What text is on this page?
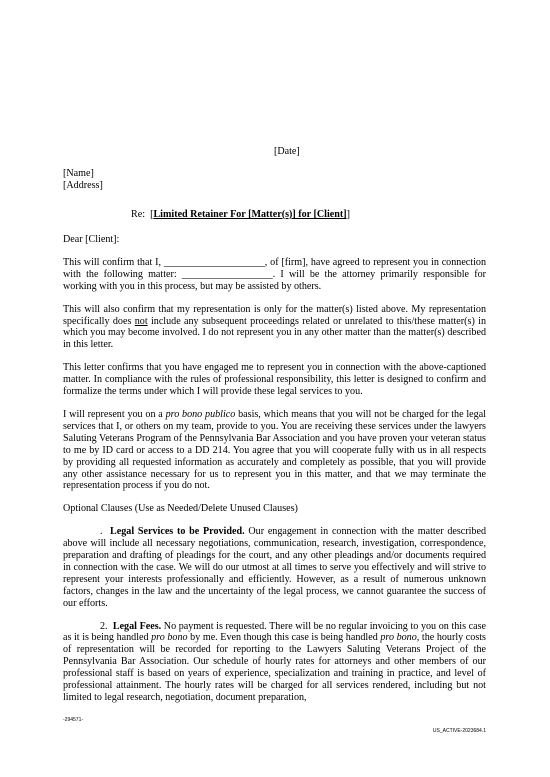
[Date]
[Name]
[Address]
Re: [Limited Retainer For [Matter(s)] for [Client]]

Dear [Client]:

This will confirm that I, ____________________, of [firm], have agreed to represent you in connection with the following matter: __________________. I will be the attorney primarily responsible for working with you in this process, but may be assisted by others.

This will also confirm that my representation is only for the matter(s) listed above. My representation specifically does not include any subsequent proceedings related or unrelated to this/these matter(s) in which you may become involved. I do not represent you in any other matter than the matter(s) described in this letter.

This letter confirms that you have engaged me to represent you in connection with the above-captioned matter. In compliance with the rules of professional responsibility, this letter is designed to confirm and formalize the terms under which I will provide these legal services to you.

I will represent you on a pro bono publico basis, which means that you will not be charged for the legal services that I, or others on my team, provide to you. You are receiving these services under the lawyers Saluting Veterans Program of the Pennsylvania Bar Association and you have proven your veteran status to me by ID card or access to a DD 214. You agree that you will cooperate fully with us in all respects by providing all requested information as accurately and completely as possible, that you will provide any other assistance necessary for us to represent you in this matter, and that we may terminate the representation process if you do not.

Optional Clauses (Use as Needed/Delete Unused Clauses)

. Legal Services to be Provided. Our engagement in connection with the matter described above will include all necessary negotiations, communication, research, investigation, correspondence, preparation and drafting of pleadings for the court, and any other pleadings and/or documents required in connection with the case. We will do our utmost at all times to serve you effectively and will strive to represent your interests professionally and efficiently. However, as a result of numerous unknown factors, changes in the law and the uncertainty of the legal process, we cannot guarantee the success of our efforts.

2. Legal Fees. No payment is requested. There will be no regular invoicing to you on this case as it is being handled pro bono by me. Even though this case is being handled pro bono, the hourly costs of representation will be recorded for reporting to the Lawyers Saluting Veterans Project of the Pennsylvania Bar Association. Our schedule of hourly rates for attorneys and other members of our professional staff is based on years of experience, specialization and training in practice, and level of professional attainment. The hourly rates will be charged for all services rendered, including but not limited to legal research, negotiation, document preparation,

-294571-
US_ACTIVE-2023684.1
